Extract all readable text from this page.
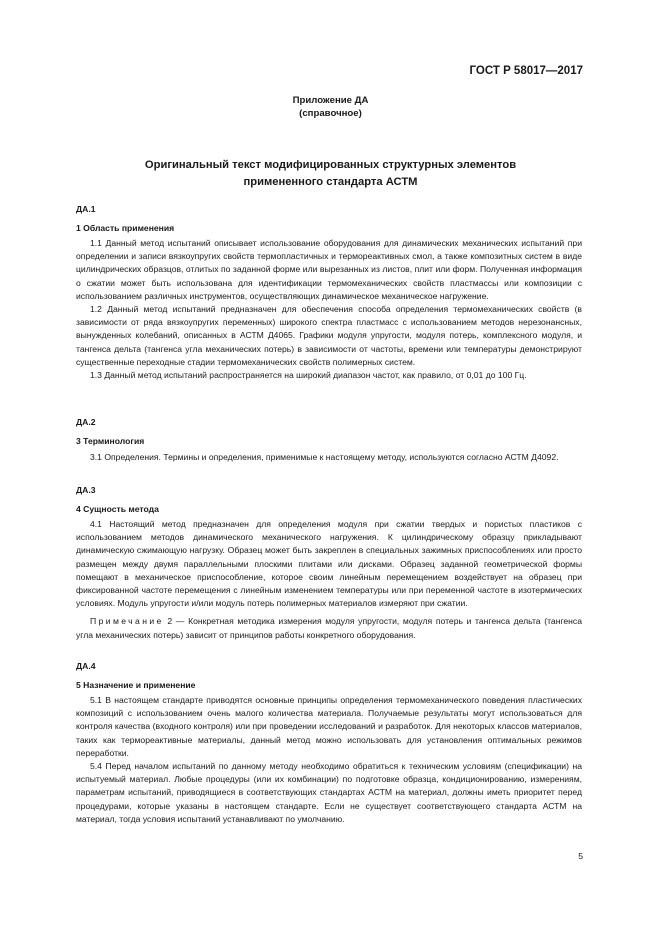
ГОСТ Р 58017—2017
Приложение ДА
(справочное)
Оригинальный текст модифицированных структурных элементов
примененного стандарта АСТМ
ДА.1
1 Область применения

1.1 Данный метод испытаний описывает использование оборудования для динамических механических испытаний при определении и записи вязкоупругих свойств термопластичных и термореактивных смол, а также композитных систем в виде цилиндрических образцов, отлитых по заданной форме или вырезанных из листов, плит или форм. Полученная информация о сжатии может быть использована для идентификации термомеханических свойств пластмассы или композиции с использованием различных инструментов, осуществляющих динамическое механическое нагружение.

1.2 Данный метод испытаний предназначен для обеспечения способа определения термомеханических свойств (в зависимости от ряда вязкоупругих переменных) широкого спектра пластмасс с использованием методов нерезонансных, вынужденных колебаний, описанных в АСТМ Д4065. Графики модуля упругости, модуля потерь, комплексного модуля, и тангенса дельта (тангенса угла механических потерь) в зависимости от частоты, времени или температуры демонстрируют существенные переходные стадии термомеханических свойств полимерных систем.

1.3 Данный метод испытаний распространяется на широкий диапазон частот, как правило, от 0,01 до 100 Гц.

ДА.2
3 Терминология

3.1 Определения. Термины и определения, применимые к настоящему методу, используются согласно АСТМ Д4092.

ДА.3
4 Сущность метода

4.1 Настоящий метод предназначен для определения модуля при сжатии твердых и пористых пластиков с использованием методов динамического механического нагружения. К цилиндрическому образцу прикладывают динамическую сжимающую нагрузку. Образец может быть закреплен в специальных зажимных приспособлениях или просто размещен между двумя параллельными плоскими плитами или дисками. Образец заданной геометрической формы помещают в механическое приспособление, которое своим линейным перемещением воздействует на образец при фиксированной частоте перемещения с линейным изменением температуры или при переменной частоте в изотермических условиях. Модуль упругости и/или модуль потерь полимерных материалов измеряют при сжатии.

Примечание 2 — Конкретная методика измерения модуля упругости, модуля потерь и тангенса дельта (тангенса угла механических потерь) зависит от принципов работы конкретного оборудования.

ДА.4
5 Назначение и применение

5.1 В настоящем стандарте приводятся основные принципы определения термомеханического поведения пластических композиций с использованием очень малого количества материала. Получаемые результаты могут использоваться для контроля качества (входного контроля) или при проведении исследований и разработок. Для некоторых классов материалов, таких как термореактивные материалы, данный метод можно использовать для установления оптимальных режимов переработки.

5.4 Перед началом испытаний по данному методу необходимо обратиться к техническим условиям (спецификации) на испытуемый материал. Любые процедуры (или их комбинации) по подготовке образца, кондиционированию, измерениям, параметрам испытаний, приводящиеся в соответствующих стандартах АСТМ на материал, должны иметь приоритет перед процедурами, которые указаны в настоящем стандарте. Если не существует соответствующего стандарта АСТМ на материал, тогда условия испытаний устанавливают по умолчанию.

5
